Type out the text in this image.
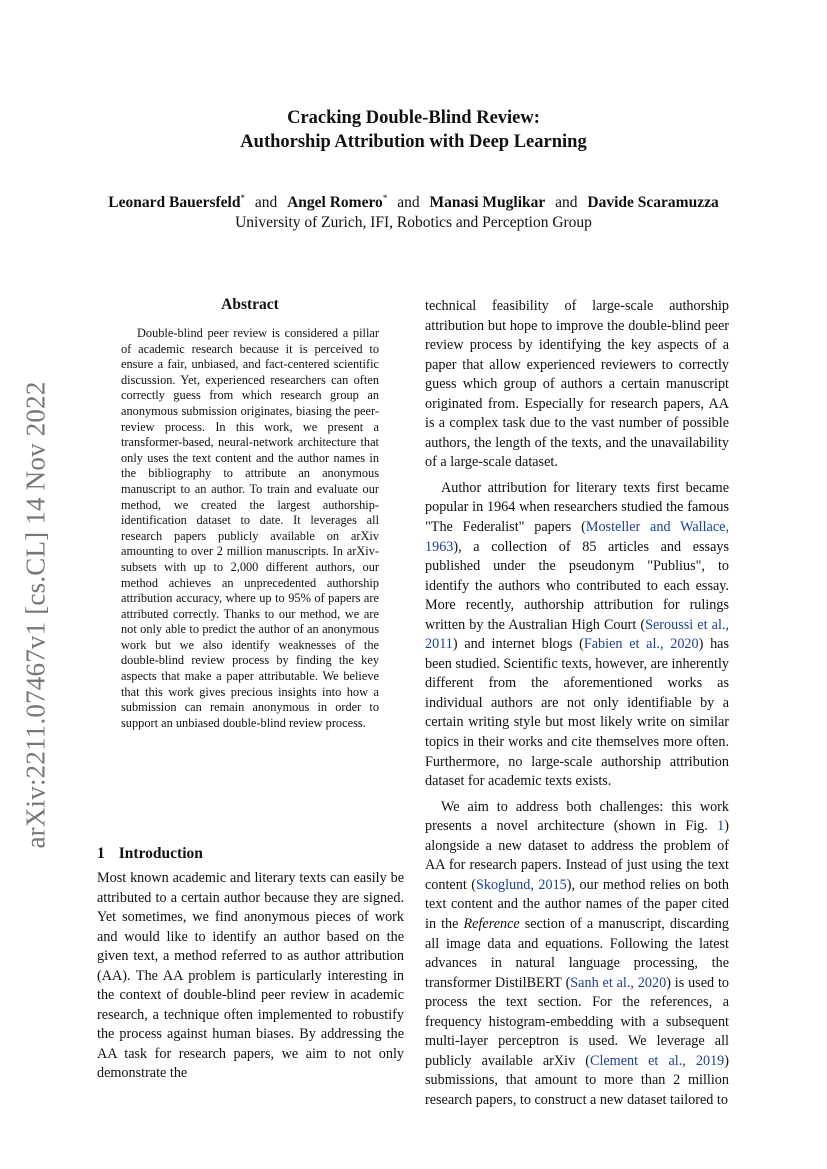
arXiv:2211.07467v1 [cs.CL] 14 Nov 2022
Cracking Double-Blind Review:
Authorship Attribution with Deep Learning
Leonard Bauersfeld* and Angel Romero* and Manasi Muglikar and Davide Scaramuzza
University of Zurich, IFI, Robotics and Perception Group
Abstract

Double-blind peer review is considered a pillar of academic research because it is perceived to ensure a fair, unbiased, and fact-centered scientific discussion. Yet, experienced researchers can often correctly guess from which research group an anonymous submission originates, biasing the peer-review process. In this work, we present a transformer-based, neural-network architecture that only uses the text content and the author names in the bibliography to attribute an anonymous manuscript to an author. To train and evaluate our method, we created the largest authorship-identification dataset to date. It leverages all research papers publicly available on arXiv amounting to over 2 million manuscripts. In arXiv-subsets with up to 2,000 different authors, our method achieves an unprecedented authorship attribution accuracy, where up to 95% of papers are attributed correctly. Thanks to our method, we are not only able to predict the author of an anonymous work but we also identify weaknesses of the double-blind review process by finding the key aspects that make a paper attributable. We believe that this work gives precious insights into how a submission can remain anonymous in order to support an unbiased double-blind review process.

1 Introduction

Most known academic and literary texts can easily be attributed to a certain author because they are signed. Yet sometimes, we find anonymous pieces of work and would like to identify an author based on the given text, a method referred to as author attribution (AA). The AA problem is particularly interesting in the context of double-blind peer review in academic research, a technique often implemented to robustify the process against human biases. By addressing the AA task for research papers, we aim to not only demonstrate the

technical feasibility of large-scale authorship attribution but hope to improve the double-blind peer review process by identifying the key aspects of a paper that allow experienced reviewers to correctly guess which group of authors a certain manuscript originated from. Especially for research papers, AA is a complex task due to the vast number of possible authors, the length of the texts, and the unavailability of a large-scale dataset.

Author attribution for literary texts first became popular in 1964 when researchers studied the famous "The Federalist" papers (Mosteller and Wallace, 1963), a collection of 85 articles and essays published under the pseudonym "Publius", to identify the authors who contributed to each essay. More recently, authorship attribution for rulings written by the Australian High Court (Seroussi et al., 2011) and internet blogs (Fabien et al., 2020) has been studied. Scientific texts, however, are inherently different from the aforementioned works as individual authors are not only identifiable by a certain writing style but most likely write on similar topics in their works and cite themselves more often. Furthermore, no large-scale authorship attribution dataset for academic texts exists.

We aim to address both challenges: this work presents a novel architecture (shown in Fig. 1) alongside a new dataset to address the problem of AA for research papers. Instead of just using the text content (Skoglund, 2015), our method relies on both text content and the author names of the paper cited in the Reference section of a manuscript, discarding all image data and equations. Following the latest advances in natural language processing, the transformer DistilBERT (Sanh et al., 2020) is used to process the text section. For the references, a frequency histogram-embedding with a subsequent multi-layer perceptron is used. We leverage all publicly available arXiv (Clement et al., 2019) submissions, that amount to more than 2 million research papers, to construct a new dataset tailored to
